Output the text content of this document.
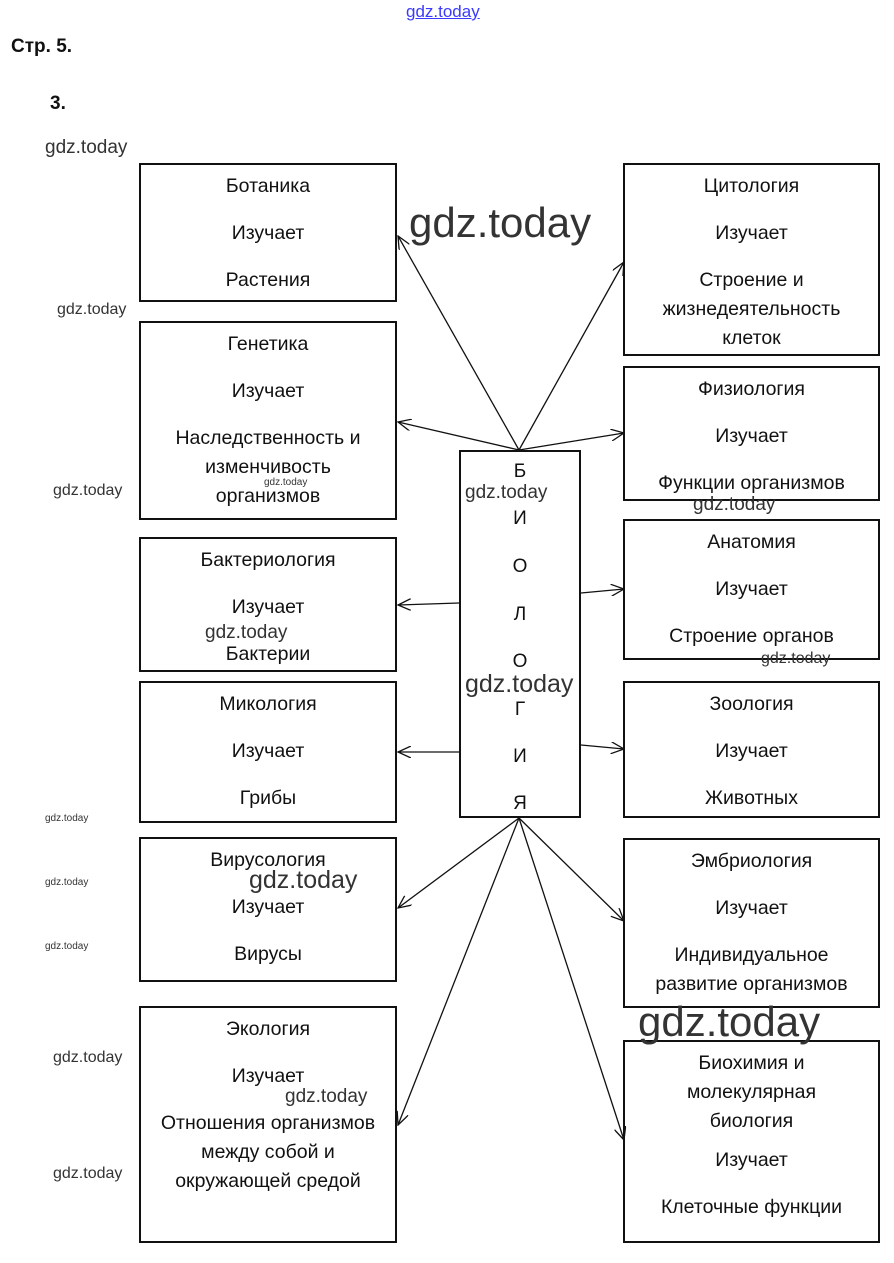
gdz.today
Стр. 5.
3.
Ботаника
Изучает
Растения
Генетика
Изучает
Наследственность и изменчивость организмов
Бактериология
Изучает
Бактерии
Микология
Изучает
Грибы
Вирусология
Изучает
Вирусы
Экология
Изучает
Отношения организмов между собой и окружающей средой
Цитология
Изучает
Строение и жизнедеятельность клеток
Физиология
Изучает
Функции организмов
Анатомия
Изучает
Строение органов
Зоология
Изучает
Животных
Эмбриология
Изучает
Индивидуальное развитие организмов
Биохимия и молекулярная биология
Изучает
Клеточные функции
Б
И
О
Л
О
Г
И
Я
gdz.today
gdz.today
gdz.today
gdz.today	gdz.today	gdz.today
gdz.today
gdz.today
gdz.today
gdz.today
gdz.today
gdz.today
gdz.today
gdz.today
gdz.today
gdz.today
gdz.today
gdz.today
